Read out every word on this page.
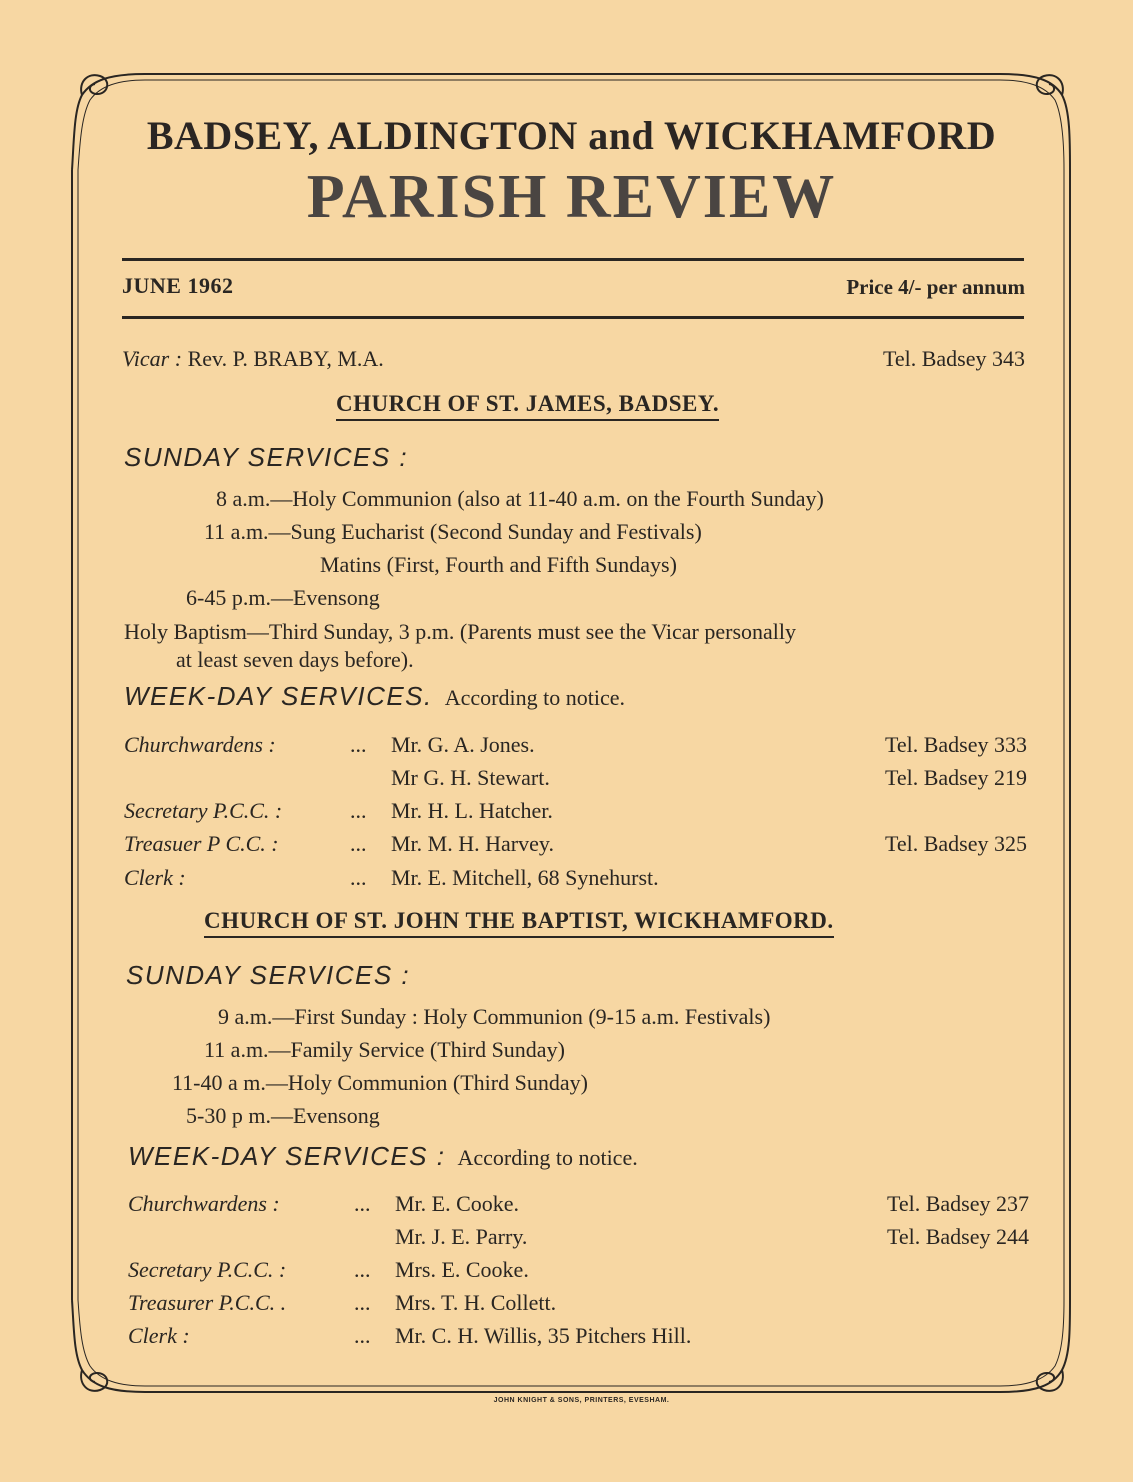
BADSEY, ALDINGTON and WICKHAMFORD
PARISH REVIEW
JUNE 1962	Price 4/- per annum
Vicar : Rev. P. BRABY, M.A.	Tel. Badsey 343
CHURCH OF ST. JAMES, BADSEY.
SUNDAY SERVICES :
8 a.m.—Holy Communion (also at 11-40 a.m. on the Fourth Sunday)
11 a.m.—Sung Eucharist (Second Sunday and Festivals)
Matins (First, Fourth and Fifth Sundays)
6-45 p.m.—Evensong
Holy Baptism—Third Sunday, 3 p.m. (Parents must see the Vicar personally
at least seven days before).
WEEK-DAY SERVICES. According to notice.
Churchwardens :	... Mr. G. A. Jones.	Tel. Badsey 333
Mr G. H. Stewart.	Tel. Badsey 219
Secretary P.C.C. :	... Mr. H. L. Hatcher.
Treasuer P C.C. :	... Mr. M. H. Harvey.	Tel. Badsey 325
Clerk :	... Mr. E. Mitchell, 68 Synehurst.
CHURCH OF ST. JOHN THE BAPTIST, WICKHAMFORD.
SUNDAY SERVICES :
9 a.m.—First Sunday : Holy Communion (9-15 a.m. Festivals)
11 a.m.—Family Service (Third Sunday)
11-40 a m.—Holy Communion (Third Sunday)
5-30 p m.—Evensong
WEEK-DAY SERVICES : According to notice.
Churchwardens :	... Mr. E. Cooke.	Tel. Badsey 237
Mr. J. E. Parry.	Tel. Badsey 244
Secretary P.C.C. :	... Mrs. E. Cooke.
Treasurer P.C.C. .	... Mrs. T. H. Collett.
Clerk :	... Mr. C. H. Willis, 35 Pitchers Hill.
JOHN KNIGHT & SONS, PRINTERS, EVESHAM.
